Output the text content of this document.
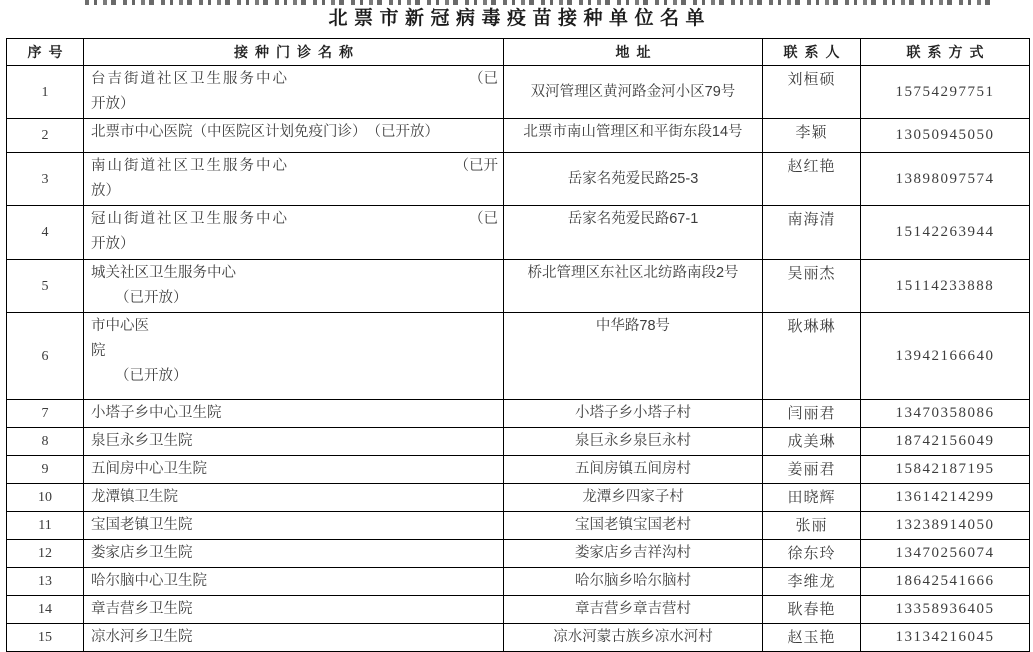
北票市新冠病毒疫苗接种单位名单
序号	接种门诊名称	地址	联系人	联系方式
1	台吉街道社区卫生服务中心 （已
开放）	双河管理区黄河路金河小区79号	刘桓硕	15754297751
2	北票市中心医院（中医院区计划免疫门诊）　（已开放）	北票市南山管理区和平街东段14号	李颖	13050945050
3	南山街道社区卫生服务中心 （已开
放）	岳家名苑爱民路25-3	赵红艳	13898097574
4	冠山街道社区卫生服务中心 （已
开放）	岳家名苑爱民路67-1	南海清	15142263944
5	城关社区卫生服务中心
（已开放）	桥北管理区东社区北纺路南段2号	吴丽杰	15114233888
6	市中心医
院
（已开放）	中华路78号	耿琳琳	13942166640
7	小塔子乡中心卫生院	小塔子乡小塔子村	闫丽君	13470358086
8	泉巨永乡卫生院	泉巨永乡泉巨永村	成美琳	18742156049
9	五间房中心卫生院	五间房镇五间房村	姜丽君	15842187195
10	龙潭镇卫生院	龙潭乡四家子村	田晓辉	13614214299
11	宝国老镇卫生院	宝国老镇宝国老村	张丽	13238914050
12	娄家店乡卫生院	娄家店乡吉祥沟村	徐东玲	13470256074
13	哈尔脑中心卫生院	哈尔脑乡哈尔脑村	李维龙	18642541666
14	章吉营乡卫生院	章吉营乡章吉营村	耿春艳	13358936405
15	凉水河乡卫生院	凉水河蒙古族乡凉水河村	赵玉艳	13134216045
